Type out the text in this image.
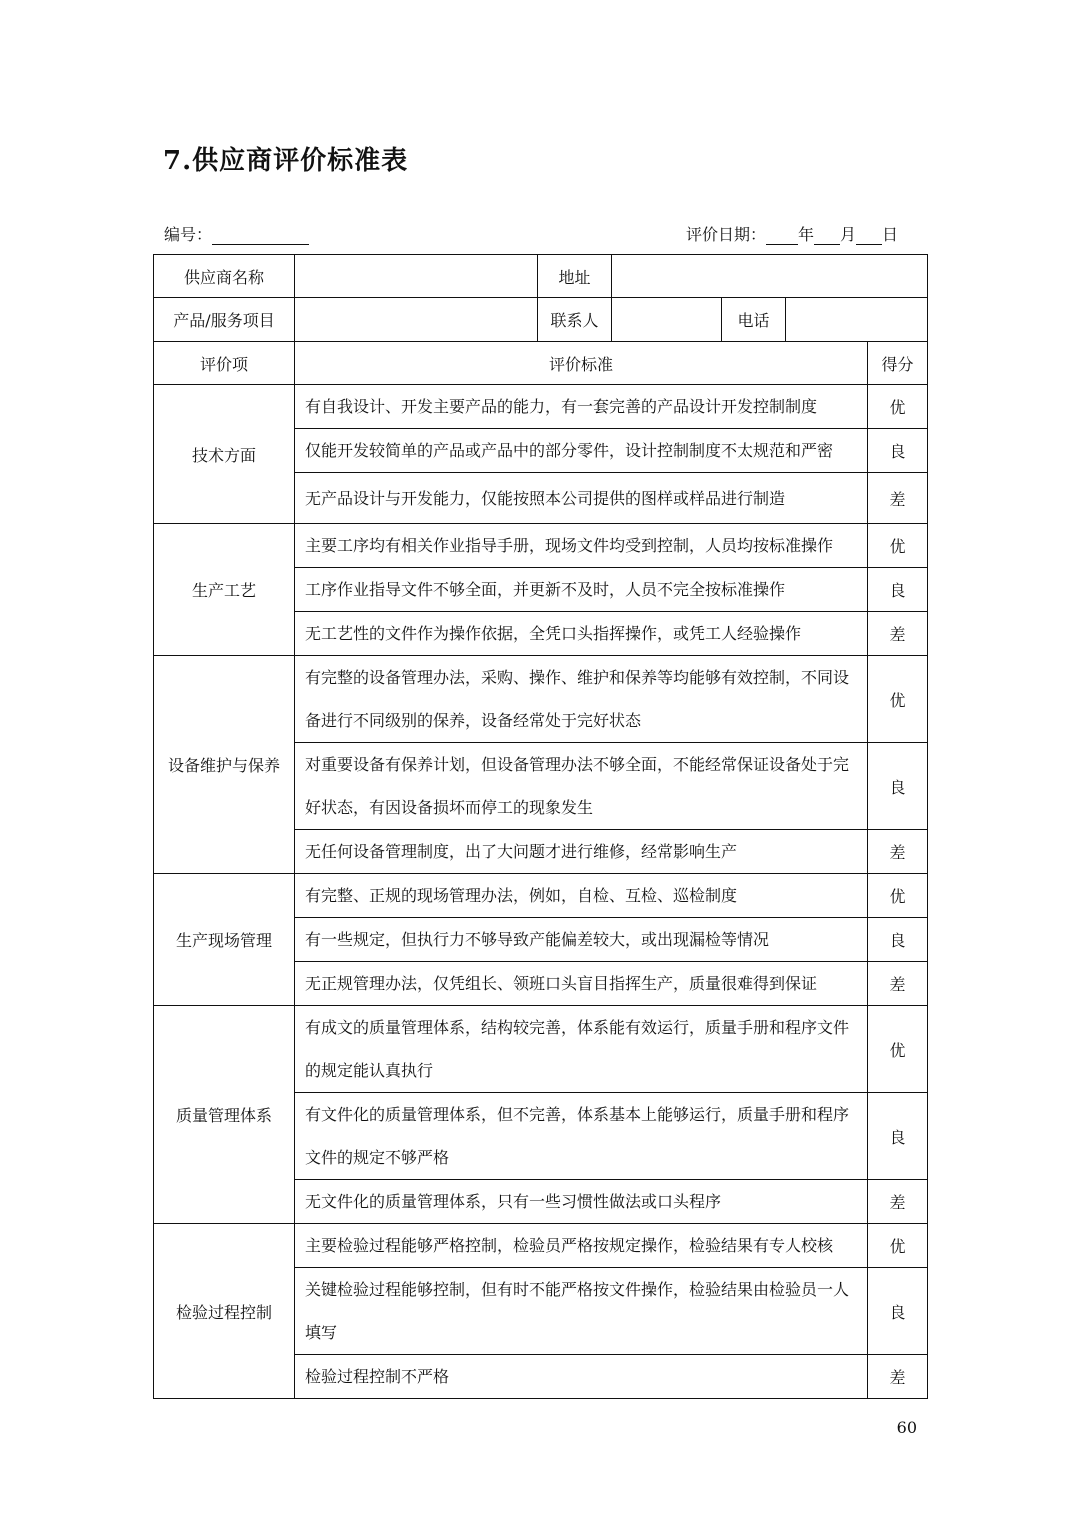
7.供应商评价标准表
编号：	评价日期： 年 月 日
供应商名称		地址				
产品/服务项目		联系人		电话		
评价项	评价标准					得分
技术方面	有自我设计、开发主要产品的能力，有一套完善的产品设计开发控制制度					优
	仅能开发较简单的产品或产品中的部分零件，设计控制制度不太规范和严密					良
	无产品设计与开发能力，仅能按照本公司提供的图样或样品进行制造					差
生产工艺	主要工序均有相关作业指导手册，现场文件均受到控制，人员均按标准操作					优
	工序作业指导文件不够全面，并更新不及时，人员不完全按标准操作					良
	无工艺性的文件作为操作依据，全凭口头指挥操作，或凭工人经验操作					差
设备维护与保养	有完整的设备管理办法，采购、操作、维护和保养等均能够有效控制，不同设备进行不同级别的保养，设备经常处于完好状态					优
	对重要设备有保养计划，但设备管理办法不够全面，不能经常保证设备处于完好状态，有因设备损坏而停工的现象发生					良
	无任何设备管理制度，出了大问题才进行维修，经常影响生产					差
生产现场管理	有完整、正规的现场管理办法，例如，自检、互检、巡检制度					优
	有一些规定，但执行力不够导致产能偏差较大，或出现漏检等情况					良
	无正规管理办法，仅凭组长、领班口头盲目指挥生产，质量很难得到保证					差
质量管理体系	有成文的质量管理体系，结构较完善，体系能有效运行，质量手册和程序文件的规定能认真执行					优
	有文件化的质量管理体系，但不完善，体系基本上能够运行，质量手册和程序文件的规定不够严格					良
	无文件化的质量管理体系，只有一些习惯性做法或口头程序					差
检验过程控制	主要检验过程能够严格控制，检验员严格按规定操作，检验结果有专人校核					优
	关键检验过程能够控制，但有时不能严格按文件操作，检验结果由检验员一人填写					良
	检验过程控制不严格					差
60
